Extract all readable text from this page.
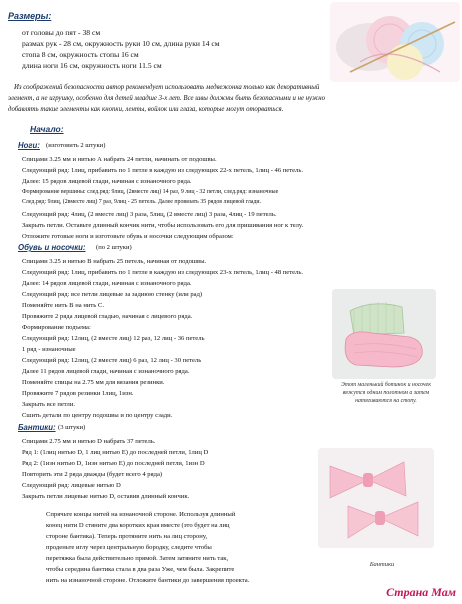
Размеры:
от головы до пят - 38 см
размах рук - 28 см, окружность руки 10 см, длина руки 14 см
стопа 8 см, окружность стопы 16 см
длина ноги 16 см, окружность ноги 11.5 см
Из соображений безопасности автор рекомендует использовать медвежонка только как декоративный
элемент, а не игрушку, особенно для детей младше 3-х лет. Все швы должны быть безопасными и не нужно
добавлять такие элементы как кнопки, ленты, войлок или глаза, которые могут оторваться.
Начало:
Ноги: (изготовить 2 штуки)
Спицами 3.25 мм и нитью А набрать 24 петли, начинать от подошвы.
Следующий ряд: 1лиц, прибавить по 1 петле в каждую из следующих 22-х петель, 1лиц - 46 петель.
Далее: 15 рядов лицевой глади, начиная с изнаночного ряда.
Формирование вершины: след.ряд: 9лиц, (2вместе лиц) 14 раз, 9 лиц - 32 петли, след.ряд: изнаночные
След.ряд: 9лиц, (2вместе лиц) 7 раз, 9лиц - 25 петель. Далее провязать 35 рядов лицевой глади.
Следующий ряд: 4лиц, (2 вместе лиц) 3 раза, 5лиц, (2 вместе лиц) 3 раза, 4лиц - 19 петель.
Закрыть петли. Оставьте длинный кончик нити, чтобы использовать его для пришивания ног к телу.
Отложите готовые ноги и изготовьте обувь и носочки следующим образом:
Обувь и носочки: (по 2 штуки)
Спицами 3.25 и нитью В набрать 25 петель, начиная от подошвы.
Следующий ряд: 1лиц, прибавить по 1 петле в каждую из следующих 23-х петель, 1лиц - 48 петель.
Далее: 14 рядов лицевой глади, начиная с изнаночного ряда.
Следующий ряд: все петли лицевые за задиюю стенку (или рад)
Поменяйте нить В на нить С.
Провяжите 2 ряда лицевой гладью, начиная с лицевого ряда.
Формирование подъема:
Следующий ряд: 12лиц, (2 вместе лиц) 12 раз, 12 лиц - 36 петель
1 ряд - изнаночные
Следующий ряд: 12лиц, (2 вместе лиц) 6 раз, 12 лиц - 30 петель
Далее 11 рядов лицевой глади, начиная с изнаночного ряда.
Поменяйте спицы на 2.75 мм для вязания резинки.
Провяжите 7 рядов резинки 1лиц, 1изн.
Закрыть все петли.
Сшить детали по центру подошвы и по центру сзади.
Этот маленький ботинок и носочек
вяжутся одним полотном а затем
натягиваются на стопу.
Бантики: (3 штуки)
Спицами 2.75 мм и нитью D набрать 37 петель.
Ряд 1: (1лиц нитью D, 1 лиц нитью Е) до последней петли, 1лиц D
Ряд 2: (1изн нитью D, 1изн нитью Е) до последней петли, 1изн D
Повторить эти 2 ряда дважды (будет всего 4 ряда)
Следующий ряд: лицевые нитью D
Закрыть петли лицевые нитью D, оставив длинный кончик.
Спрячьте концы нитей на изнаночной стороне. Используя длинный
конец нити D стяните два коротких края вместе (это будет на лиц
стороне бантика). Теперь протяните нить на лиц сторону,
проденьте иглу через центральную бородку, следите чтобы
перетяжка была действительно прямой. Затем затяните нить так,
чтобы середина бантика стала в два раза Уже, чем была. Закрепите
нить на изнаночной стороне. Отложите бантики до завершения проекта.
Бантики
Страна Мам
